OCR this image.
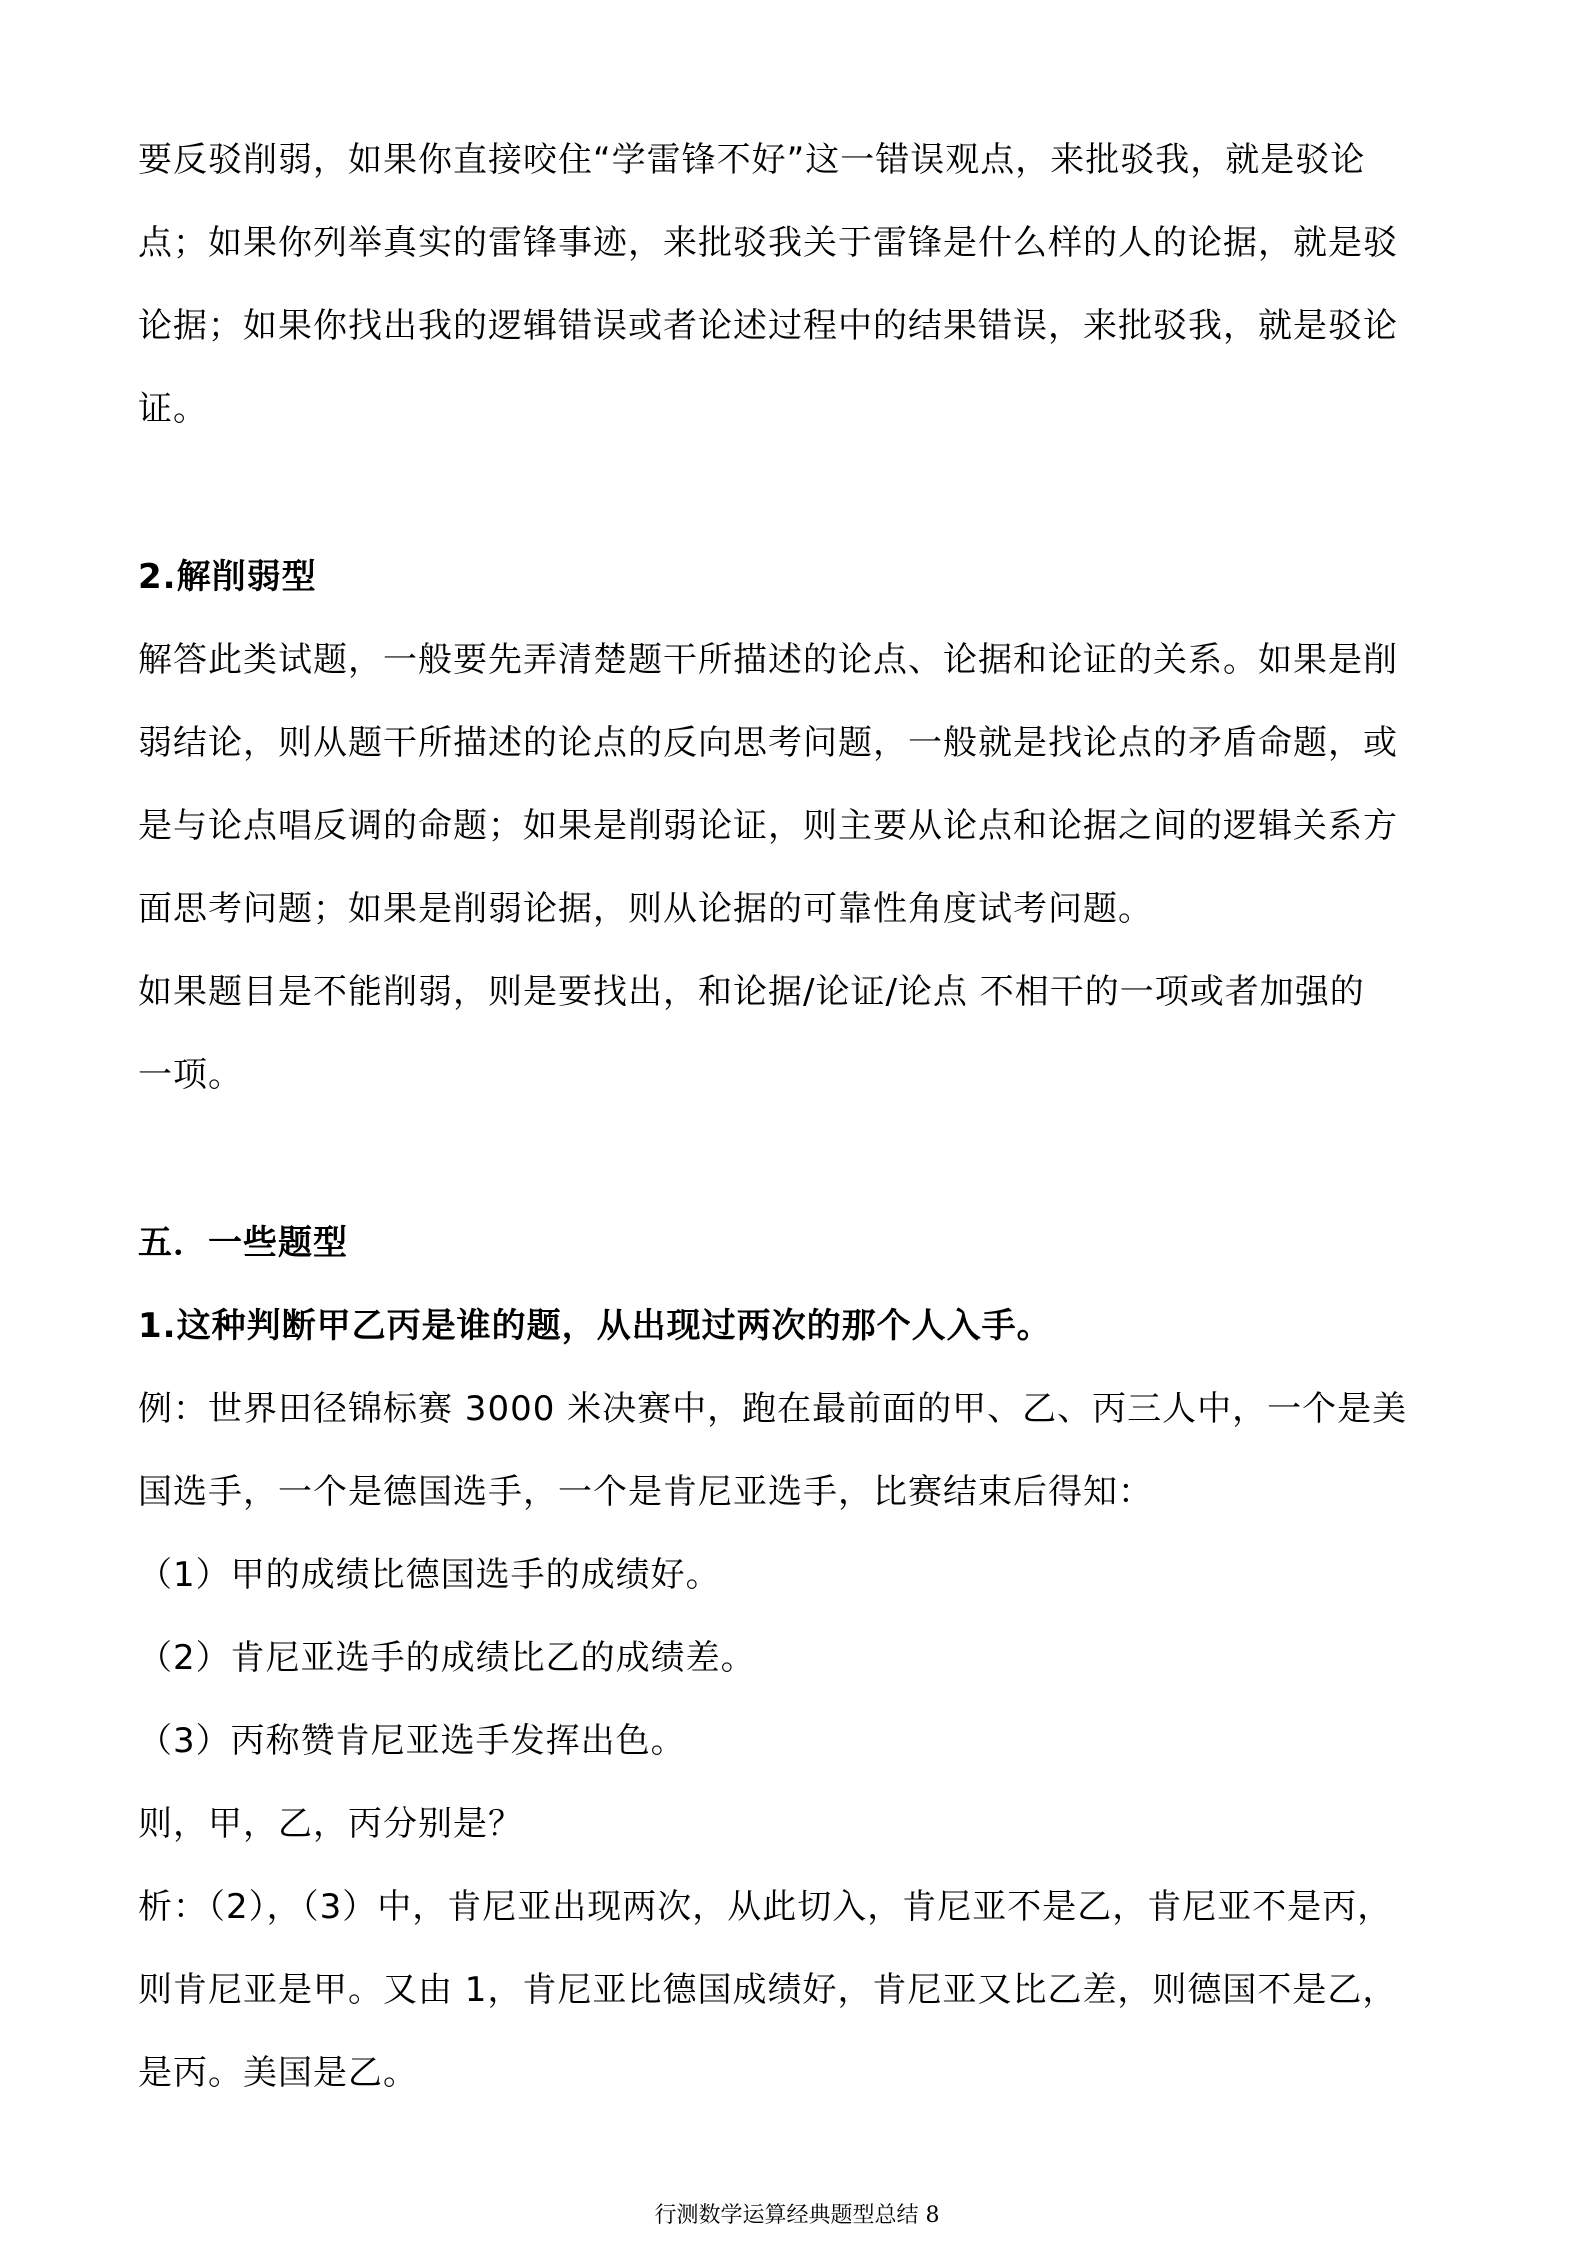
要反驳削弱，如果你直接咬住“学雷锋不好”这一错误观点，来批驳我，就是驳论
点；如果你列举真实的雷锋事迹，来批驳我关于雷锋是什么样的人的论据，就是驳
论据；如果你找出我的逻辑错误或者论述过程中的结果错误，来批驳我，就是驳论
证。
2.解削弱型
解答此类试题，一般要先弄清楚题干所描述的论点、论据和论证的关系。如果是削
弱结论，则从题干所描述的论点的反向思考问题，一般就是找论点的矛盾命题，或
是与论点唱反调的命题；如果是削弱论证，则主要从论点和论据之间的逻辑关系方
面思考问题；如果是削弱论据，则从论据的可靠性角度试考问题。
如果题目是不能削弱，则是要找出，和论据/论证/论点 不相干的一项或者加强的
一项。
五．一些题型
1.这种判断甲乙丙是谁的题，从出现过两次的那个人入手。
例：世界田径锦标赛 3000 米决赛中，跑在最前面的甲、乙、丙三人中，一个是美
国选手，一个是德国选手，一个是肯尼亚选手，比赛结束后得知：
（1）甲的成绩比德国选手的成绩好。
（2）肯尼亚选手的成绩比乙的成绩差。
（3）丙称赞肯尼亚选手发挥出色。
则，甲，乙，丙分别是？
析：（2），（3）中，肯尼亚出现两次，从此切入，肯尼亚不是乙，肯尼亚不是丙，
则肯尼亚是甲。又由 1，肯尼亚比德国成绩好，肯尼亚又比乙差，则德国不是乙，
是丙。美国是乙。
行测数学运算经典题型总结 8
